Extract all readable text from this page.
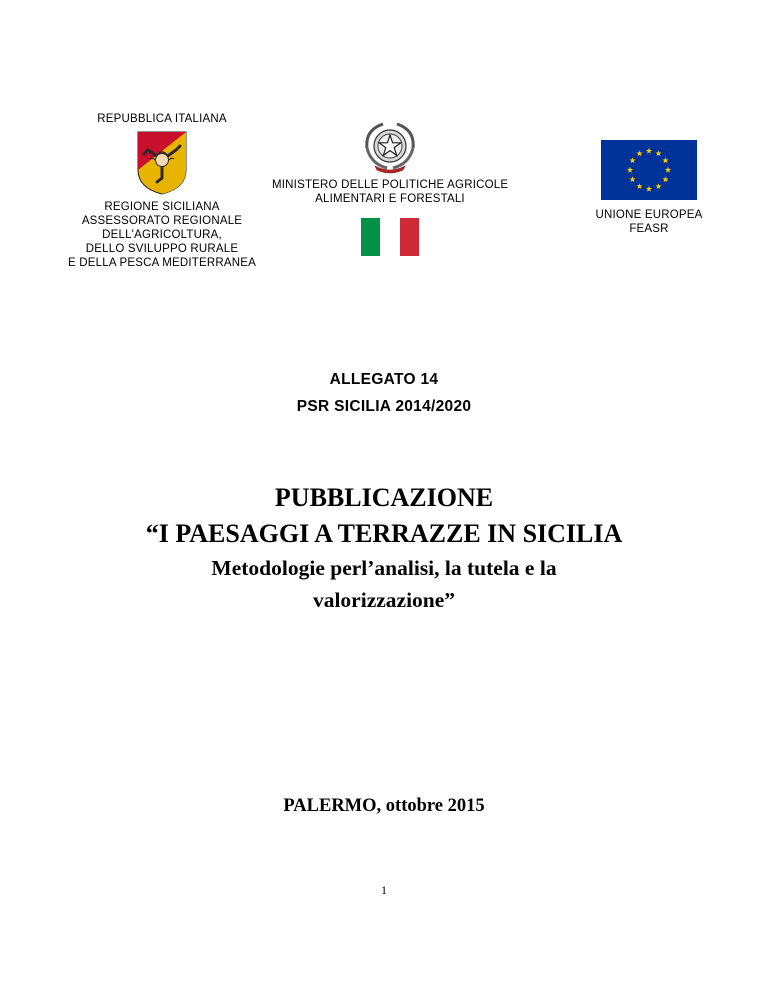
REPUBBLICA ITALIANA
REGIONE SICILIANA
ASSESSORATO REGIONALE
DELL'AGRICOLTURA,
DELLO SVILUPPO RURALE
E DELLA PESCA MEDITERRANEA
MINISTERO DELLE POLITICHE AGRICOLE
ALIMENTARI E FORESTALI
UNIONE EUROPEA
FEASR
ALLEGATO 14
PSR SICILIA 2014/2020
PUBBLICAZIONE
“I PAESAGGI A TERRAZZE IN SICILIA
Metodologie perl’analisi, la tutela e la
valorizzazione”
PALERMO, ottobre 2015
1
